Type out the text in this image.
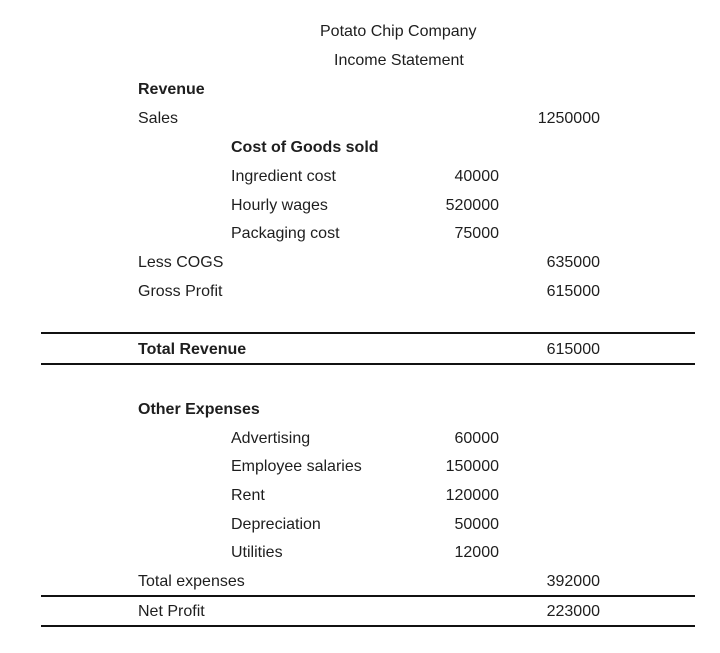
Potato Chip Company
Income Statement
Revenue
Sales	1250000
Cost of Goods sold
Ingredient cost	40000
Hourly wages	520000
Packaging cost	75000
Less COGS	635000
Gross Profit	615000
Total Revenue	615000
Other Expenses
Advertising	60000
Employee salaries	150000
Rent	120000
Depreciation	50000
Utilities	12000
Total expenses	392000
Net Profit	223000
